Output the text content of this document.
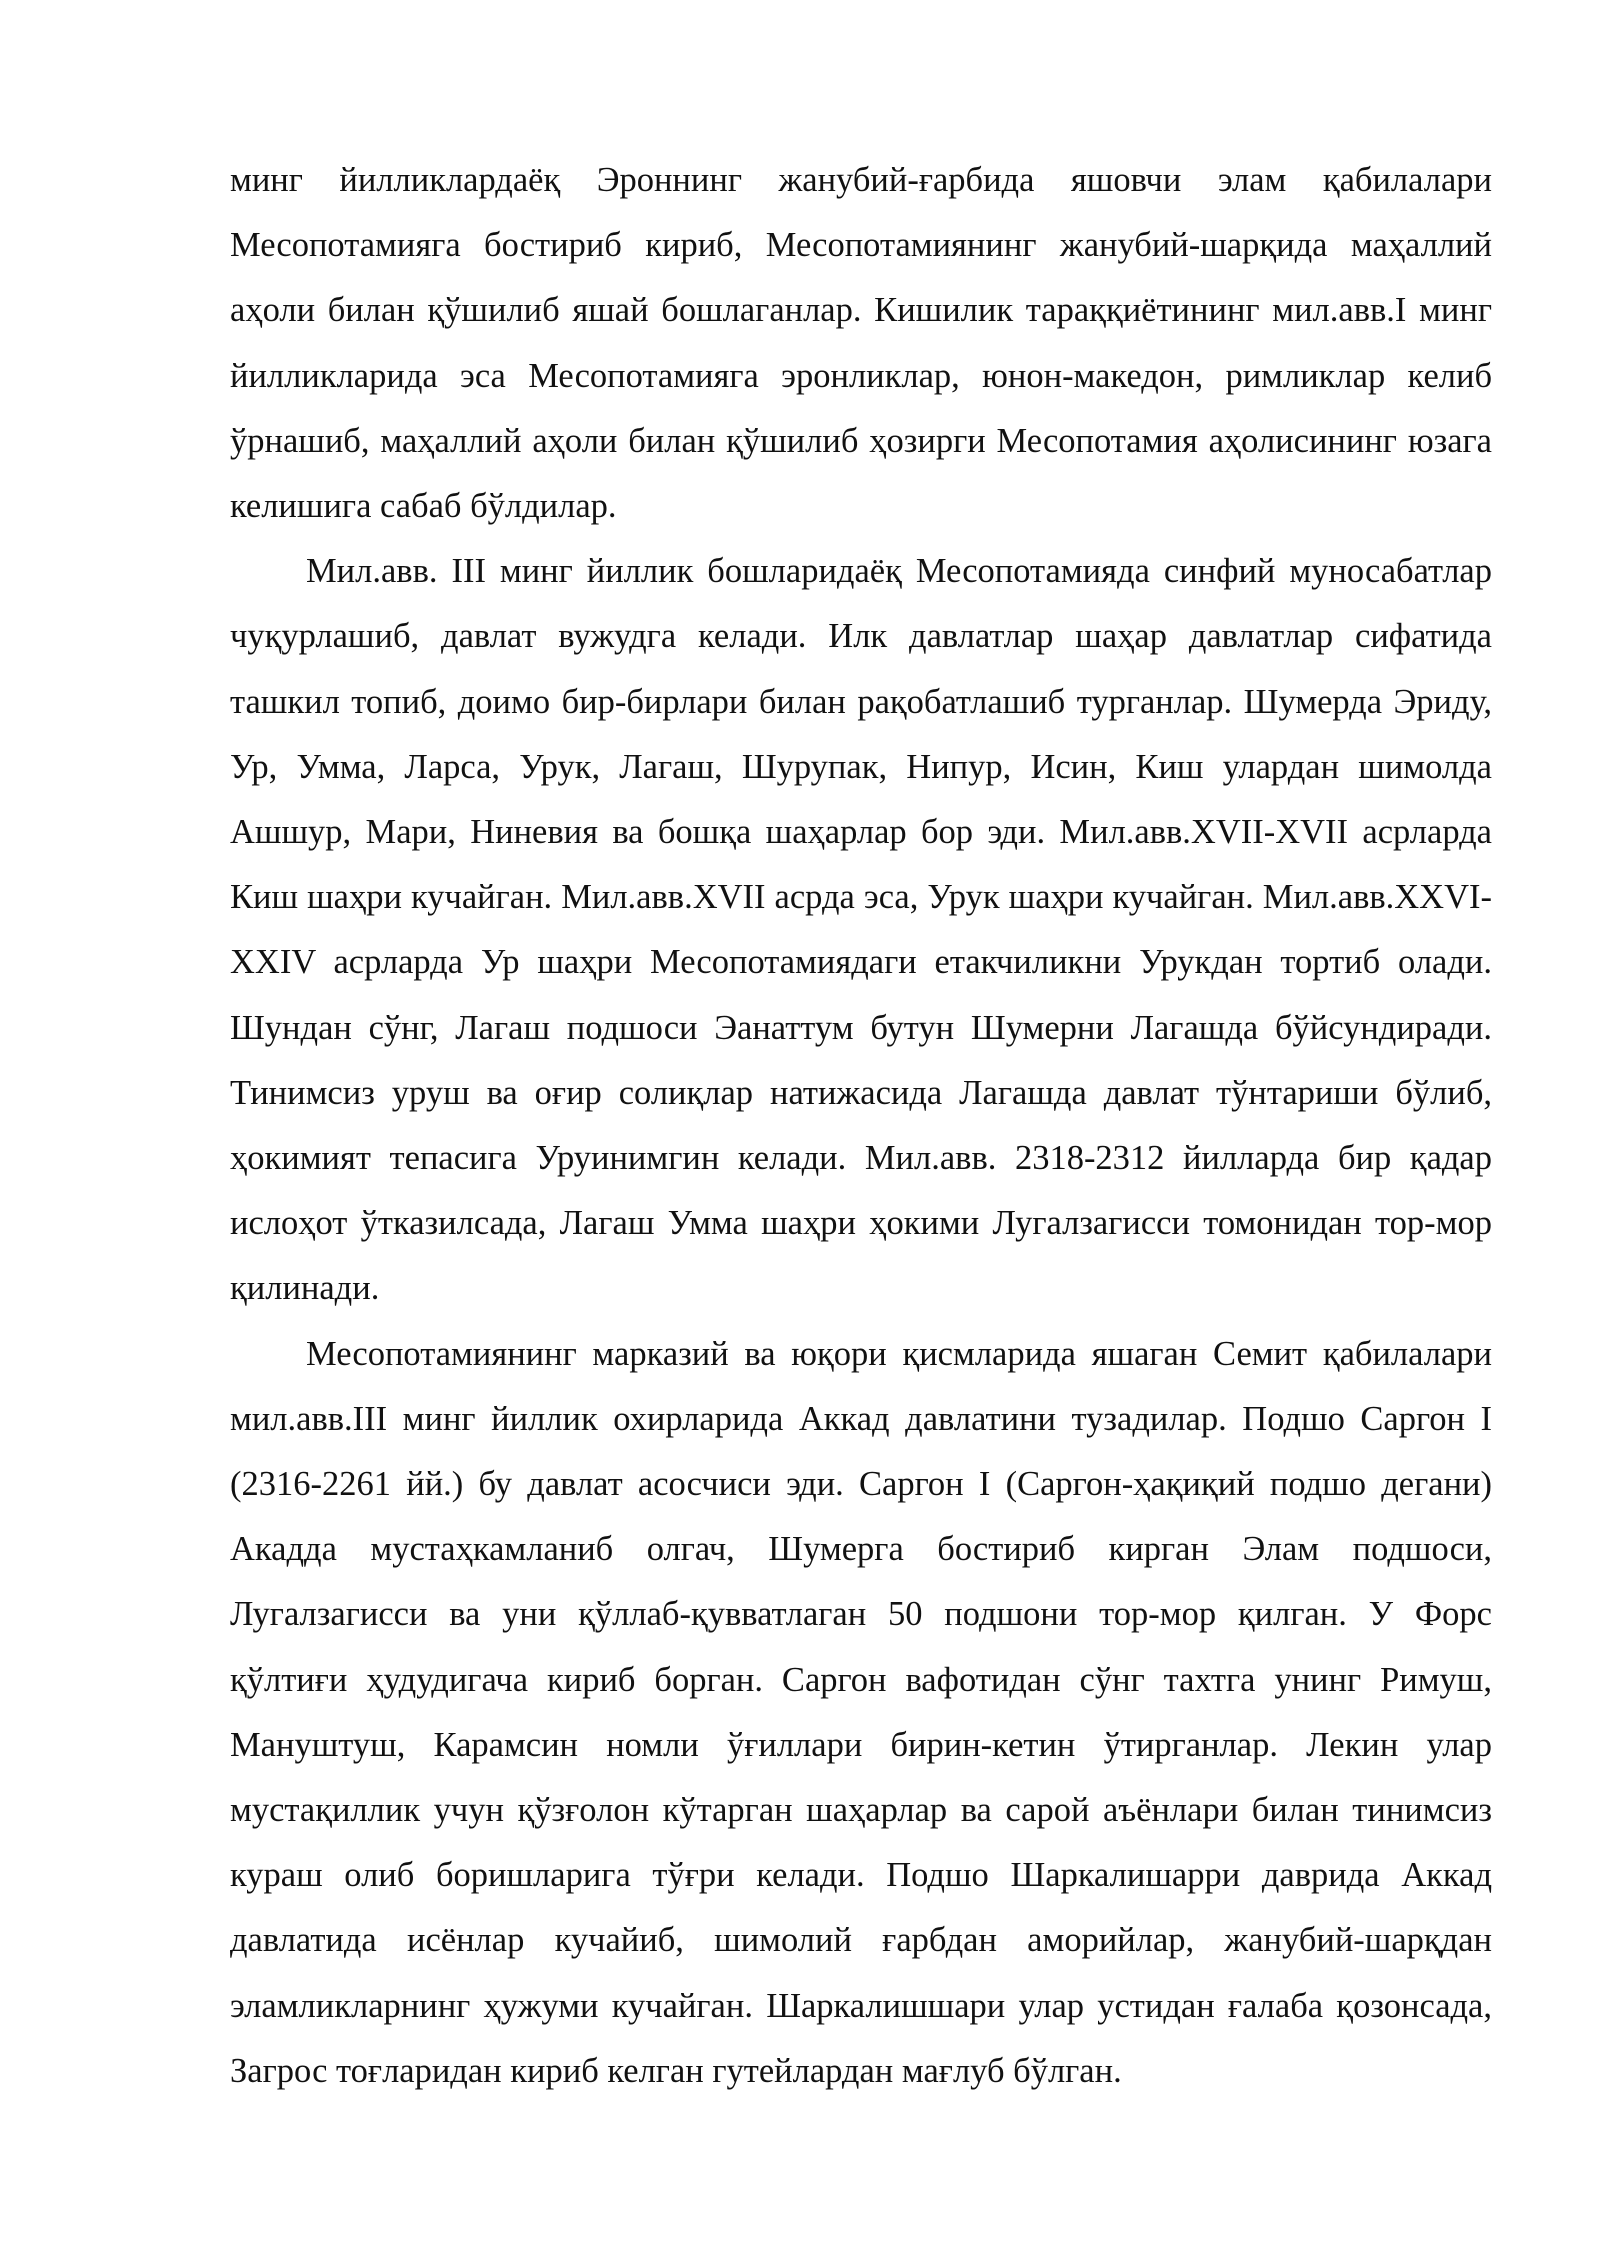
минг йилликлардаёқ Эроннинг жанубий-ғарбида яшовчи элам қабилалари Месопотамияга бостириб кириб, Месопотамиянинг жанубий-шарқида маҳаллий аҳоли билан қўшилиб яшай бошлаганлар. Кишилик тараққиётининг мил.авв.I минг йилликларида эса Месопотамияга эронликлар, юнон-македон, римликлар келиб ўрнашиб, маҳаллий аҳоли билан қўшилиб ҳозирги Месопотамия аҳолисининг юзага келишига сабаб бўлдилар.

Мил.авв. III минг йиллик бошларидаёқ Месопотамияда синфий муносабатлар чуқурлашиб, давлат вужудга келади. Илк давлатлар шаҳар давлатлар сифатида ташкил топиб, доимо бир-бирлари билан рақобатлашиб турганлар. Шумерда Эриду, Ур, Умма, Ларса, Урук, Лагаш, Шурупак, Нипур, Исин, Киш улардан шимолда Ашшур, Мари, Ниневия ва бошқа шаҳарлар бор эди. Мил.авв.XVII-XVII асрларда Киш шаҳри кучайган. Мил.авв.XVII асрда эса, Урук шаҳри кучайган. Мил.авв.XXVI-XXIV асрларда Ур шаҳри Месопотамиядаги етакчиликни Урукдан тортиб олади. Шундан сўнг, Лагаш подшоси Эанаттум бутун Шумерни Лагашда бўйсундиради. Тинимсиз уруш ва оғир солиқлар натижасида Лагашда давлат тўнтариши бўлиб, ҳокимият тепасига Уруинимгин келади. Мил.авв. 2318-2312 йилларда бир қадар ислоҳот ўтказилсада, Лагаш Умма шаҳри ҳокими Лугалзагисси томонидан тор-мор қилинади.

Месопотамиянинг марказий ва юқори қисмларида яшаган Семит қабилалари мил.авв.III минг йиллик охирларида Аккад давлатини тузадилар. Подшо Саргон I (2316-2261 йй.) бу давлат асосчиси эди. Саргон I (Саргон-ҳақиқий подшо дегани) Акадда мустаҳкамланиб олгач, Шумерга бостириб кирган Элам подшоси, Лугалзагисси ва уни қўллаб-қувватлаган 50 подшони тор-мор қилган. У Форс қўлтиғи ҳудудигача кириб борган. Саргон вафотидан сўнг тахтга унинг Римуш, Мануштуш, Карамсин номли ўғиллари бирин-кетин ўтирганлар. Лекин улар мустақиллик учун қўзғолон кўтарган шаҳарлар ва сарой аъёнлари билан тинимсиз кураш олиб боришларига тўғри келади. Подшо Шаркалишарри даврида Аккад давлатида исёнлар кучайиб, шимолий ғарбдан аморийлар, жанубий-шарқдан эламликларнинг ҳужуми кучайган. Шаркалишшари улар устидан ғалаба қозонсада, Загрос тоғларидан кириб келган гутейлардан мағлуб бўлган.
